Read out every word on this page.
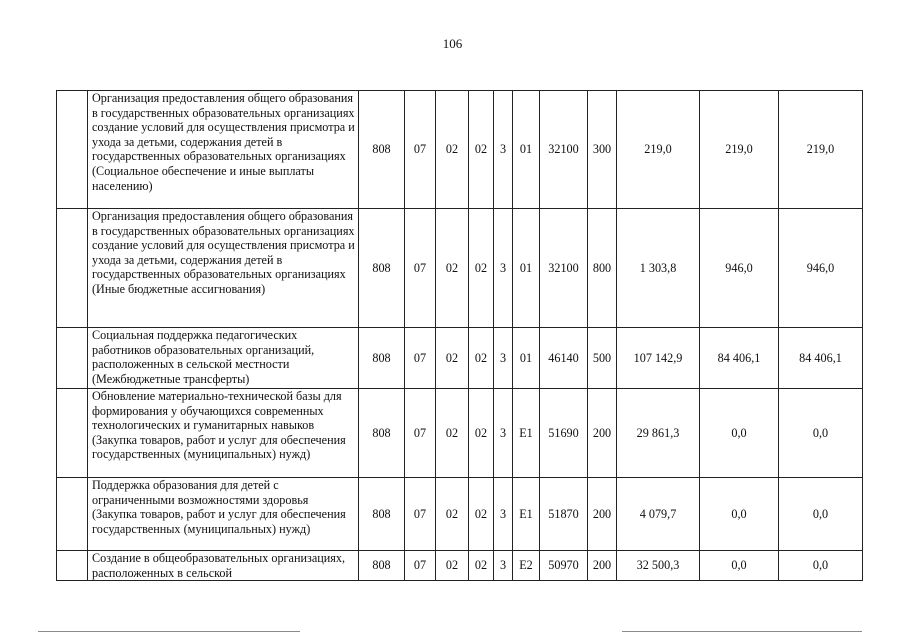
106

	Организация предоставления общего образования в государственных образовательных организациях создание условий для осуществления присмотра и ухода за детьми, содержания детей в государственных образовательных организациях (Социальное обеспечение и иные выплаты населению)	808	07	02	02	3	01	32100	300	219,0	219,0	219,0

	Организация предоставления общего образования в государственных образовательных организациях создание условий для осуществления присмотра и ухода за детьми, содержания детей в государственных образовательных организациях (Иные бюджетные ассигнования)	808	07	02	02	3	01	32100	800	1 303,8	946,0	946,0

	Социальная поддержка педагогических работников образовательных организаций, расположенных в сельской местности (Межбюджетные трансферты)	808	07	02	02	3	01	46140	500	107 142,9	84 406,1	84 406,1

	Обновление материально-технической базы для формирования у обучающихся современных технологических и гуманитарных навыков (Закупка товаров, работ и услуг для обеспечения государственных (муниципальных) нужд)	808	07	02	02	3	E1	51690	200	29 861,3	0,0	0,0

	Поддержка образования для детей с ограниченными возможностями здоровья (Закупка товаров, работ и услуг для обеспечения государственных (муниципальных) нужд)	808	07	02	02	3	E1	51870	200	4 079,7	0,0	0,0

	Создание в общеобразовательных организациях, расположенных в сельской	808	07	02	02	3	E2	50970	200	32 500,3	0,0	0,0
